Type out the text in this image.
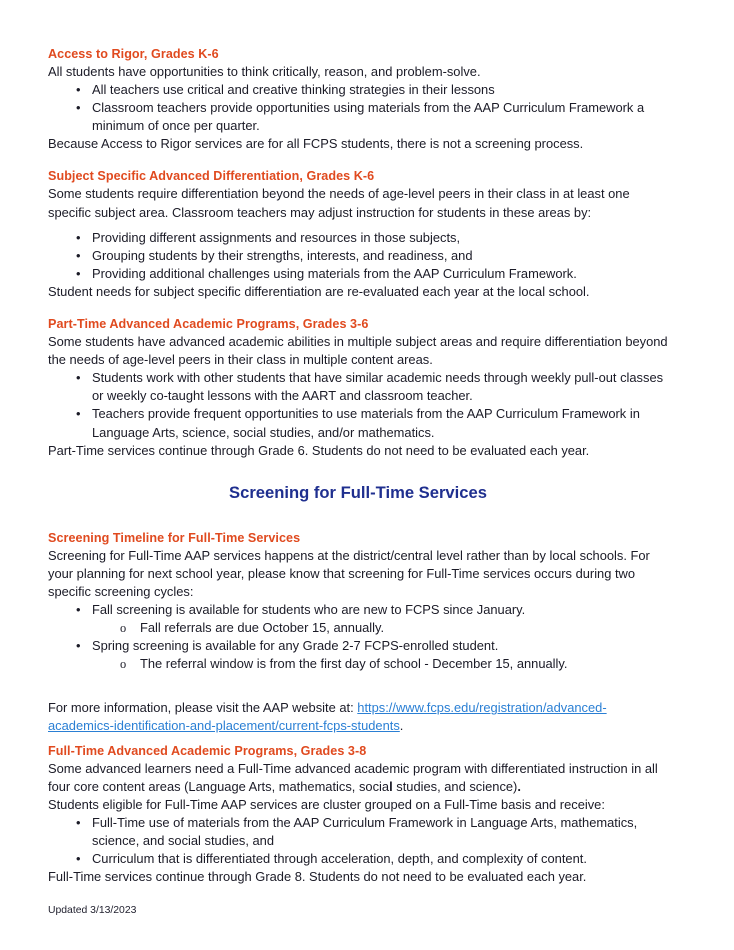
Access to Rigor, Grades K-6

All students have opportunities to think critically, reason, and problem-solve.

• All teachers use critical and creative thinking strategies in their lessons
• Classroom teachers provide opportunities using materials from the AAP Curriculum Framework a minimum of once per quarter.

Because Access to Rigor services are for all FCPS students, there is not a screening process.

Subject Specific Advanced Differentiation, Grades K-6

Some students require differentiation beyond the needs of age-level peers in their class in at least one specific subject area. Classroom teachers may adjust instruction for students in these areas by:

• Providing different assignments and resources in those subjects,
• Grouping students by their strengths, interests, and readiness, and
• Providing additional challenges using materials from the AAP Curriculum Framework.

Student needs for subject specific differentiation are re-evaluated each year at the local school.

Part-Time Advanced Academic Programs, Grades 3-6

Some students have advanced academic abilities in multiple subject areas and require differentiation beyond the needs of age-level peers in their class in multiple content areas.

• Students work with other students that have similar academic needs through weekly pull-out classes or weekly co-taught lessons with the AART and classroom teacher.
• Teachers provide frequent opportunities to use materials from the AAP Curriculum Framework in Language Arts, science, social studies, and/or mathematics.

Part-Time services continue through Grade 6. Students do not need to be evaluated each year.

Screening for Full-Time Services
Screening Timeline for Full-Time Services

Screening for Full-Time AAP services happens at the district/central level rather than by local schools. For your planning for next school year, please know that screening for Full-Time services occurs during two specific screening cycles:

• Fall screening is available for students who are new to FCPS since January.
o Fall referrals are due October 15, annually.
• Spring screening is available for any Grade 2-7 FCPS-enrolled student.
o The referral window is from the first day of school - December 15, annually.

For more information, please visit the AAP website at: https://www.fcps.edu/registration/advanced-academics-identification-and-placement/current-fcps-students.

Full-Time Advanced Academic Programs, Grades 3-8

Some advanced learners need a Full-Time advanced academic program with differentiated instruction in all four core content areas (Language Arts, mathematics, social studies, and science).

Students eligible for Full-Time AAP services are cluster grouped on a Full-Time basis and receive:

• Full-Time use of materials from the AAP Curriculum Framework in Language Arts, mathematics, science, and social studies, and
• Curriculum that is differentiated through acceleration, depth, and complexity of content.

Full-Time services continue through Grade 8. Students do not need to be evaluated each year.

Updated 3/13/2023
